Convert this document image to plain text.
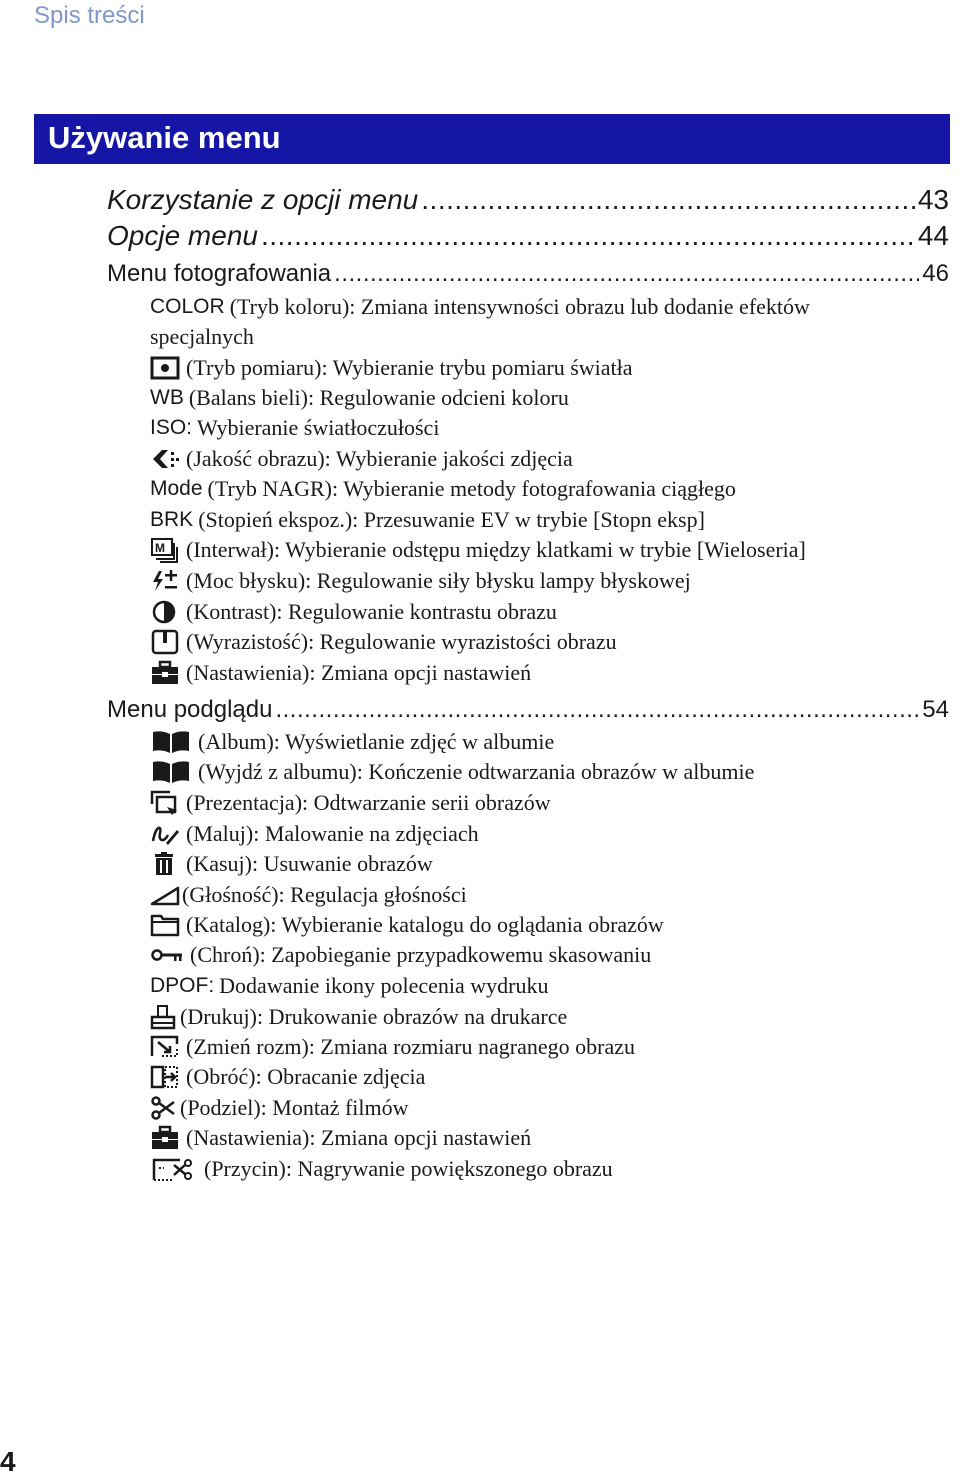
Spis treści
Używanie menu
Korzystanie z opcji menu .....	43
Opcje menu .....	44
Menu fotografowania .....	46
COLOR (Tryb koloru): Zmiana intensywności obrazu lub dodanie efektów
specjalnych
(Tryb pomiaru): Wybieranie trybu pomiaru światła
WB (Balans bieli): Regulowanie odcieni koloru
ISO: Wybieranie światłoczułości
(Jakość obrazu): Wybieranie jakości zdjęcia
Mode (Tryb NAGR): Wybieranie metody fotografowania ciągłego
BRK (Stopień ekspoz.): Przesuwanie EV w trybie [Stopn eksp]
M (Interwał): Wybieranie odstępu między klatkami w trybie [Wieloseria]
(Moc błysku): Regulowanie siły błysku lampy błyskowej
(Kontrast): Regulowanie kontrastu obrazu
(Wyrazistość): Regulowanie wyrazistości obrazu
(Nastawienia): Zmiana opcji nastawień
Menu podglądu .....	54
(Album): Wyświetlanie zdjęć w albumie
(Wyjdź z albumu): Kończenie odtwarzania obrazów w albumie
(Prezentacja): Odtwarzanie serii obrazów
(Maluj): Malowanie na zdjęciach
(Kasuj): Usuwanie obrazów
(Głośność): Regulacja głośności
(Katalog): Wybieranie katalogu do oglądania obrazów
(Chroń): Zapobieganie przypadkowemu skasowaniu
DPOF: Dodawanie ikony polecenia wydruku
(Drukuj): Drukowanie obrazów na drukarce
(Zmień rozm): Zmiana rozmiaru nagranego obrazu
(Obróć): Obracanie zdjęcia
(Podziel): Montaż filmów
(Nastawienia): Zmiana opcji nastawień
(Przycin): Nagrywanie powiększonego obrazu
4
